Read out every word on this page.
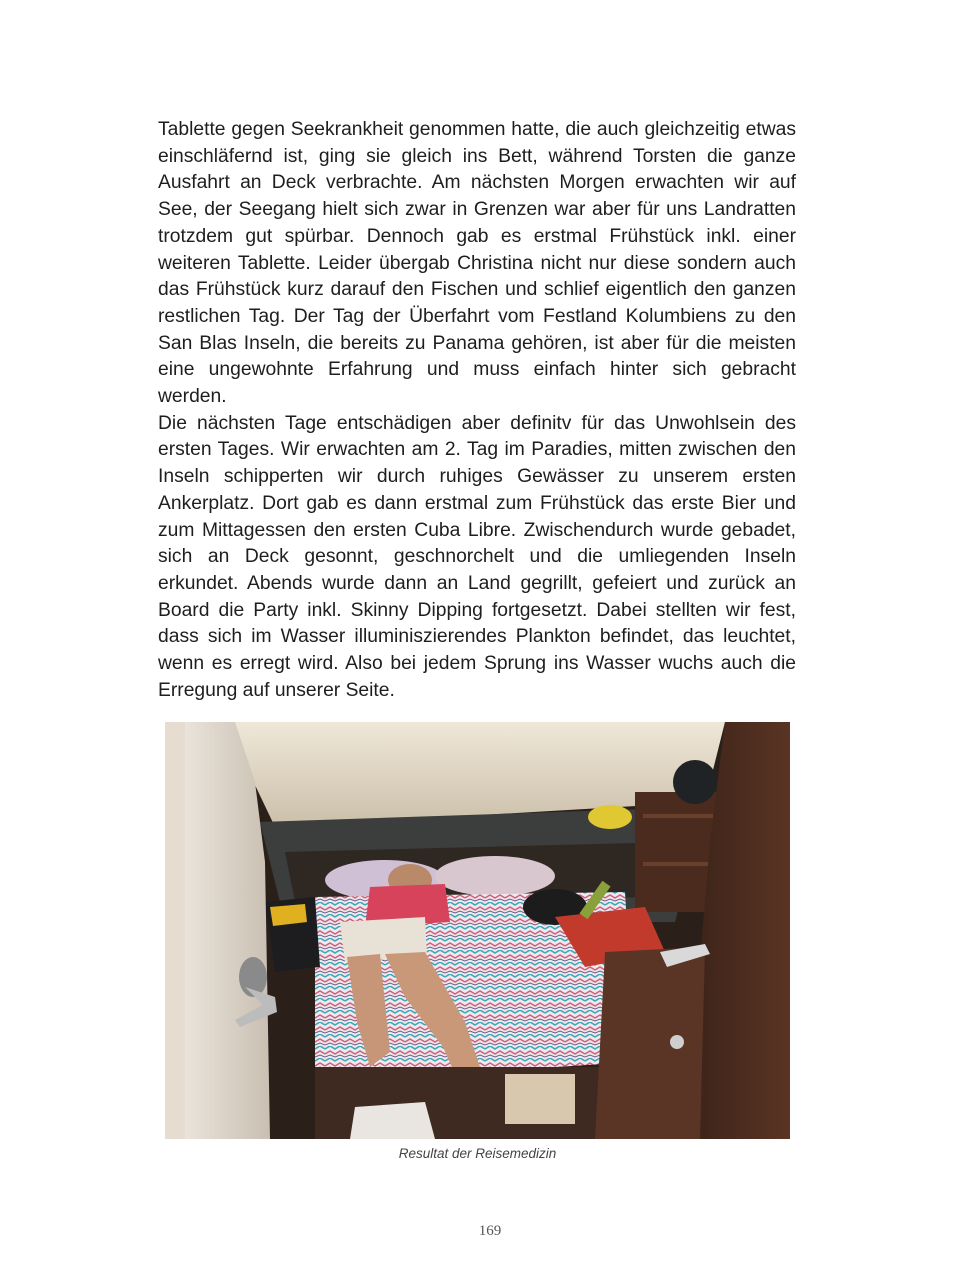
Tablette gegen Seekrankheit genommen hatte, die auch gleichzeitig etwas einschläfernd ist, ging sie gleich ins Bett, während Torsten die ganze Ausfahrt an Deck verbrachte. Am nächsten Morgen erwachten wir auf See, der Seegang hielt sich zwar in Grenzen war aber für uns Landratten trotzdem gut spürbar. Dennoch gab es erstmal Frühstück inkl. einer weiteren Tablette. Leider übergab Christina nicht nur diese sondern auch das Frühstück kurz darauf den Fischen und schlief eigentlich den ganzen restlichen Tag. Der Tag der Überfahrt vom Festland Kolumbiens zu den San Blas Inseln, die bereits zu Panama gehören, ist aber für die meisten eine ungewohnte Erfahrung und muss einfach hinter sich gebracht werden.

Die nächsten Tage entschädigen aber definitv für das Unwohlsein des ersten Tages. Wir erwachten am 2. Tag im Paradies, mitten zwischen den Inseln schipperten wir durch ruhiges Gewässer zu unserem ersten Ankerplatz. Dort gab es dann erstmal zum Frühstück das erste Bier und zum Mittagessen den ersten Cuba Libre. Zwischendurch wurde gebadet, sich an Deck gesonnt, geschnorchelt und die umliegenden Inseln erkundet. Abends wurde dann an Land gegrillt, gefeiert und zurück an Board die Party inkl. Skinny Dipping fortgesetzt. Dabei stellten wir fest, dass sich im Wasser illuminiszierendes Plankton befindet, das leuchtet, wenn es erregt wird. Also bei jedem Sprung ins Wasser wuchs auch die Erregung auf unserer Seite.

Resultat der Reisemedizin
169
